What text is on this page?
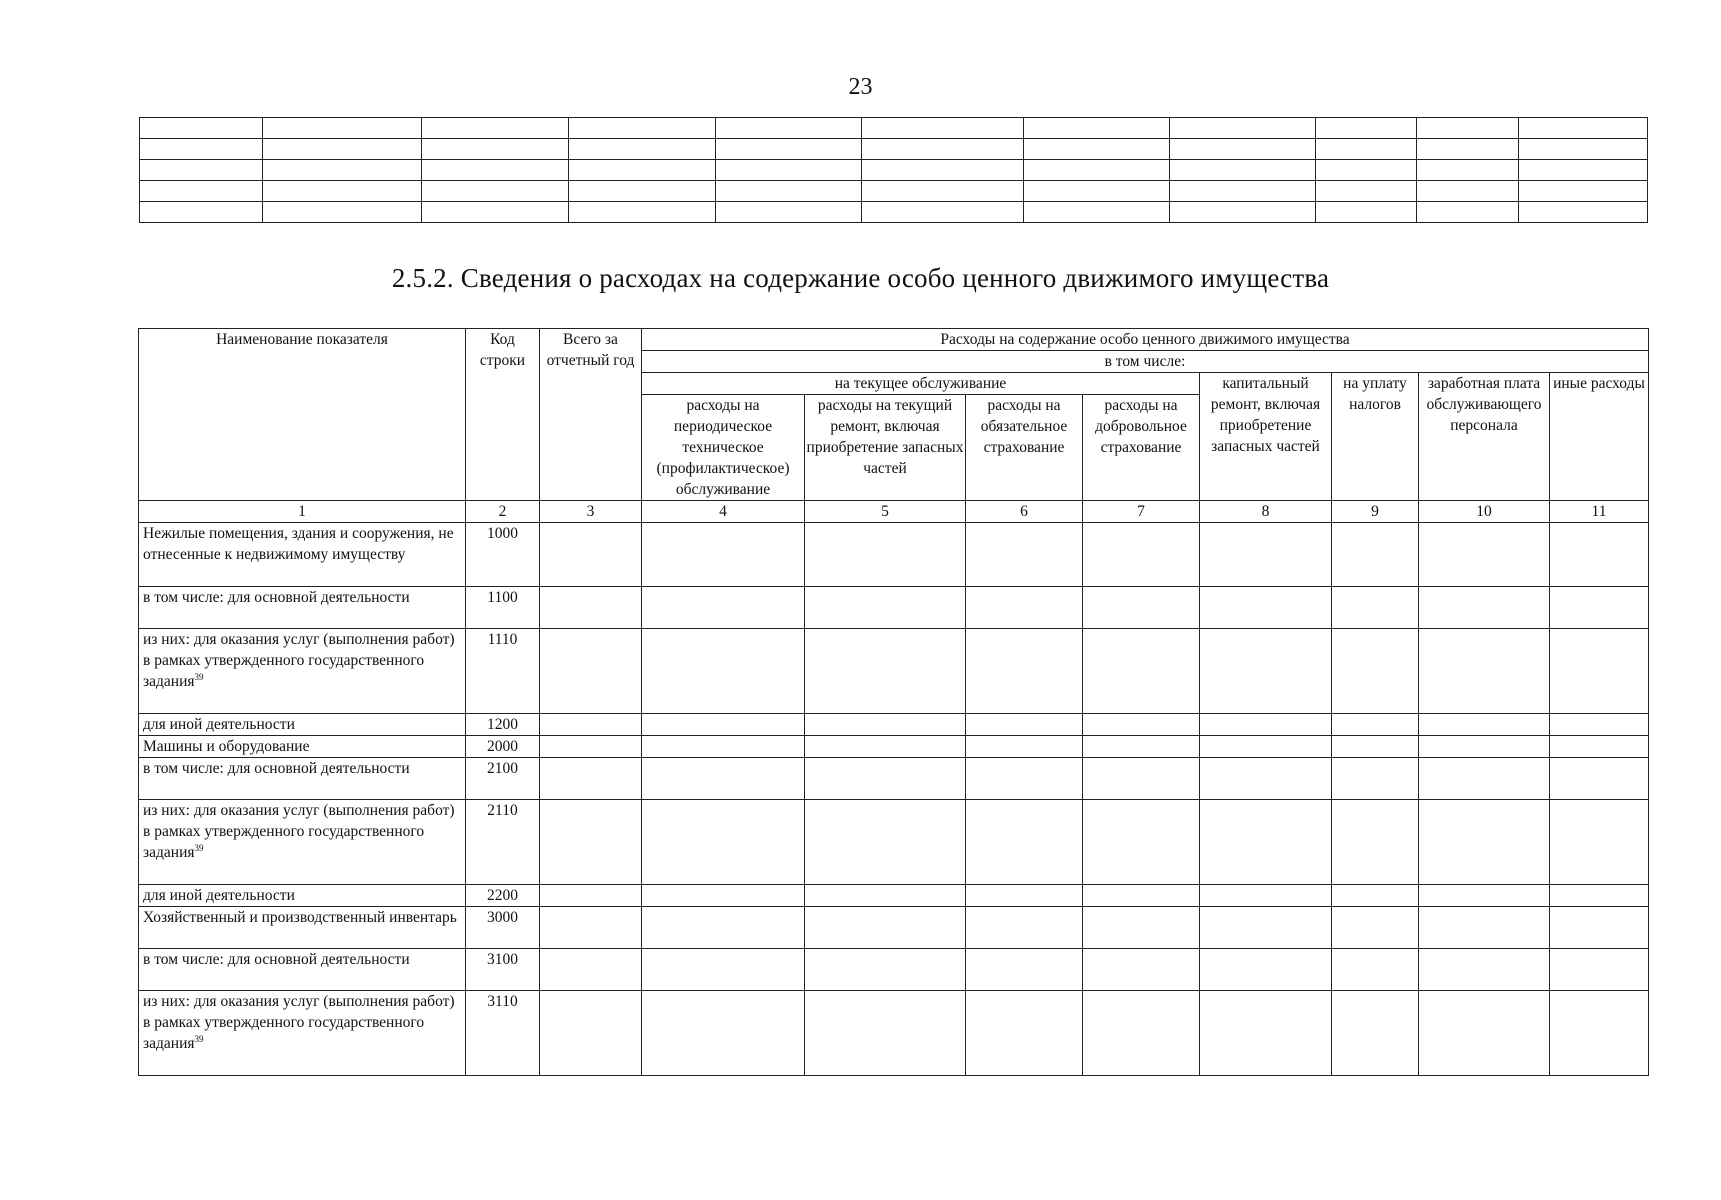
23

2.5.2. Сведения о расходах на содержание особо ценного движимого имущества
Наименование показателя	Код строки	Всего за отчетный год	Расходы на содержание особо ценного движимого имущества							
			в том числе:							
			на текущее обслуживание				капитальный ремонт, включая приобретение запасных частей	на уплату налогов	заработная плата обслуживающего персонала	иные расходы
			расходы на периодическое техническое (профилактическое) обслуживание	расходы на текущий ремонт, включая приобретение запасных частей	расходы на обязательное страхование	расходы на добровольное страхование				
1	2	3	4	5	6	7	8	9	10	11
Нежилые помещения, здания и сооружения, не отнесенные к недвижимому имуществу	1000									
в том числе: для основной деятельности	1100									
из них: для оказания услуг (выполнения работ) в рамках утвержденного государственного задания$^{39}$	1110									
для иной деятельности	1200									
Машины и оборудование	2000									
в том числе: для основной деятельности	2100									
из них: для оказания услуг (выполнения работ) в рамках утвержденного государственного задания$^{39}$	2110									
для иной деятельности	2200									
Хозяйственный и производственный инвентарь	3000									
в том числе: для основной деятельности	3100									
из них: для оказания услуг (выполнения работ) в рамках утвержденного государственного задания$^{39}$	3110									
